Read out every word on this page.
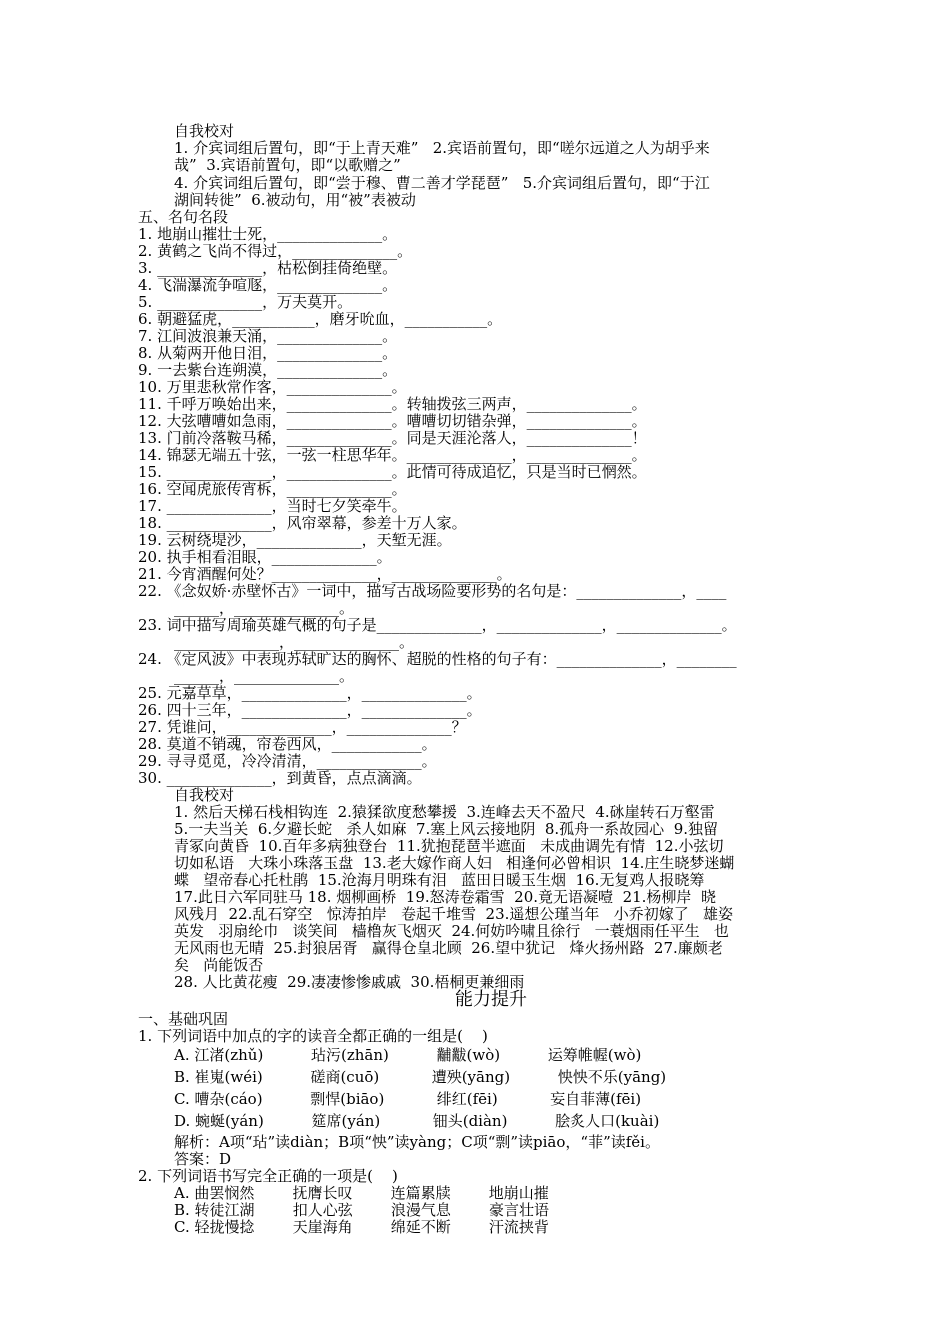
自我校对
1. 介宾词组后置句，即“于上青天难”   2.宾语前置句，即“嗟尔远道之人为胡乎来
哉”  3.宾语前置句，即“以歌赠之”
4. 介宾词组后置句，即“尝于穆、曹二善才学琵琶”   5.介宾词组后置句，即“于江
湖间转徙”  6.被动句，用“被”表被动
五、名句名段
1. 地崩山摧壮士死，______________。
2. 黄鹤之飞尚不得过，______________。
3. ______________，枯松倒挂倚绝壁。
4. 飞湍瀑流争喧豗，______________。
5. ______________，万夫莫开。
6. 朝避猛虎，___________，磨牙吮血，___________。
7. 江间波浪兼天涌，______________。
8. 从菊两开他日泪，______________。
9. 一去紫台连朔漠，______________。
10. 万里悲秋常作客，______________。
11. 千呼万唤始出来，______________。转轴拨弦三两声，______________。
12. 大弦嘈嘈如急雨，______________。嘈嘈切切错杂弹，______________。
13. 门前冷落鞍马稀，______________。同是天涯沦落人，______________！
14. 锦瑟无端五十弦，一弦一柱思华年。______________，______________。
15. ______________，______________。此情可待成追忆，只是当时已惘然。
16. 空闻虎旅传宵柝，______________。
17. ______________，当时七夕笑牵牛。
18. ______________，风帘翠幕，参差十万人家。
19. 云树绕堤沙，______________，天堑无涯。
20. 执手相看泪眼，______________。
21. 今宵酒醒何处？______________，______________。
22. 《念奴娇·赤壁怀古》一词中，描写古战场险要形势的名句是：______________，____
______，______________。
23. 词中描写周瑜英雄气概的句子是______________，______________，______________。
______________，______________。
24. 《定风波》中表现苏轼旷达的胸怀、超脱的性格的句子有：______________，________
______，______________。
25. 元嘉草草，______________，______________。
26. 四十三年，______________，______________。
27. 凭谁问，______________，______________？
28. 莫道不销魂，帘卷西风，____________。
29. 寻寻觅觅，冷冷清清，______________。
30. ______________，到黄昏，点点滴滴。
自我校对
1. 然后天梯石栈相钩连  2.猿猱欲度愁攀援  3.连峰去天不盈尺  4.砯崖转石万壑雷
5.一夫当关  6.夕避长蛇   杀人如麻  7.塞上风云接地阴  8.孤舟一系故园心  9.独留
青冢向黄昏  10.百年多病独登台  11.犹抱琵琶半遮面   未成曲调先有情  12.小弦切
切如私语   大珠小珠落玉盘  13.老大嫁作商人妇   相逢何必曾相识  14.庄生晓梦迷蝴
蝶   望帝春心托杜鹃  15.沧海月明珠有泪   蓝田日暖玉生烟  16.无复鸡人报晓筹
17.此日六军同驻马 18. 烟柳画桥  19.怒涛卷霜雪  20.竟无语凝噎  21.杨柳岸  晓
风残月  22.乱石穿空   惊涛拍岸   卷起千堆雪  23.遥想公瑾当年   小乔初嫁了   雄姿
英发   羽扇纶巾   谈笑间   樯橹灰飞烟灭  24.何妨吟啸且徐行   一蓑烟雨任平生   也
无风雨也无晴  25.封狼居胥   赢得仓皇北顾  26.望中犹记   烽火扬州路  27.廉颇老
矣   尚能饭否
28. 人比黄花瘦  29.凄凄惨惨戚戚  30.梧桐更兼细雨
一、基础巩固
1. 下列词语中加点的字的读音全都正确的一组是(    )
A. 江渚(zhǔ)          玷污(zhān)          黼黻(wò)          运筹帷幄(wò)
B. 崔嵬(wéi)          磋商(cuō)           遭殃(yāng)          怏怏不乐(yāng)
C. 嘈杂(cáo)          剽悍(biāo)           绯红(fēi)           妄自菲薄(fēi)
D. 蜿蜒(yán)          筵席(yán)           钿头(diàn)          脍炙人口(kuài)
解析：A项“玷”读diàn；B项“怏”读yàng；C项“剽”读piāo，“菲”读fěi。
答案：D
2. 下列词语书写完全正确的一项是(    )
A. 曲罢悯然        抚膺长叹        连篇累牍        地崩山摧
B. 转徒江湖        扣人心弦        浪漫气息        豪言壮语
C. 轻拢慢捻        天崖海角        绵延不断        汗流挟背
能力提升
